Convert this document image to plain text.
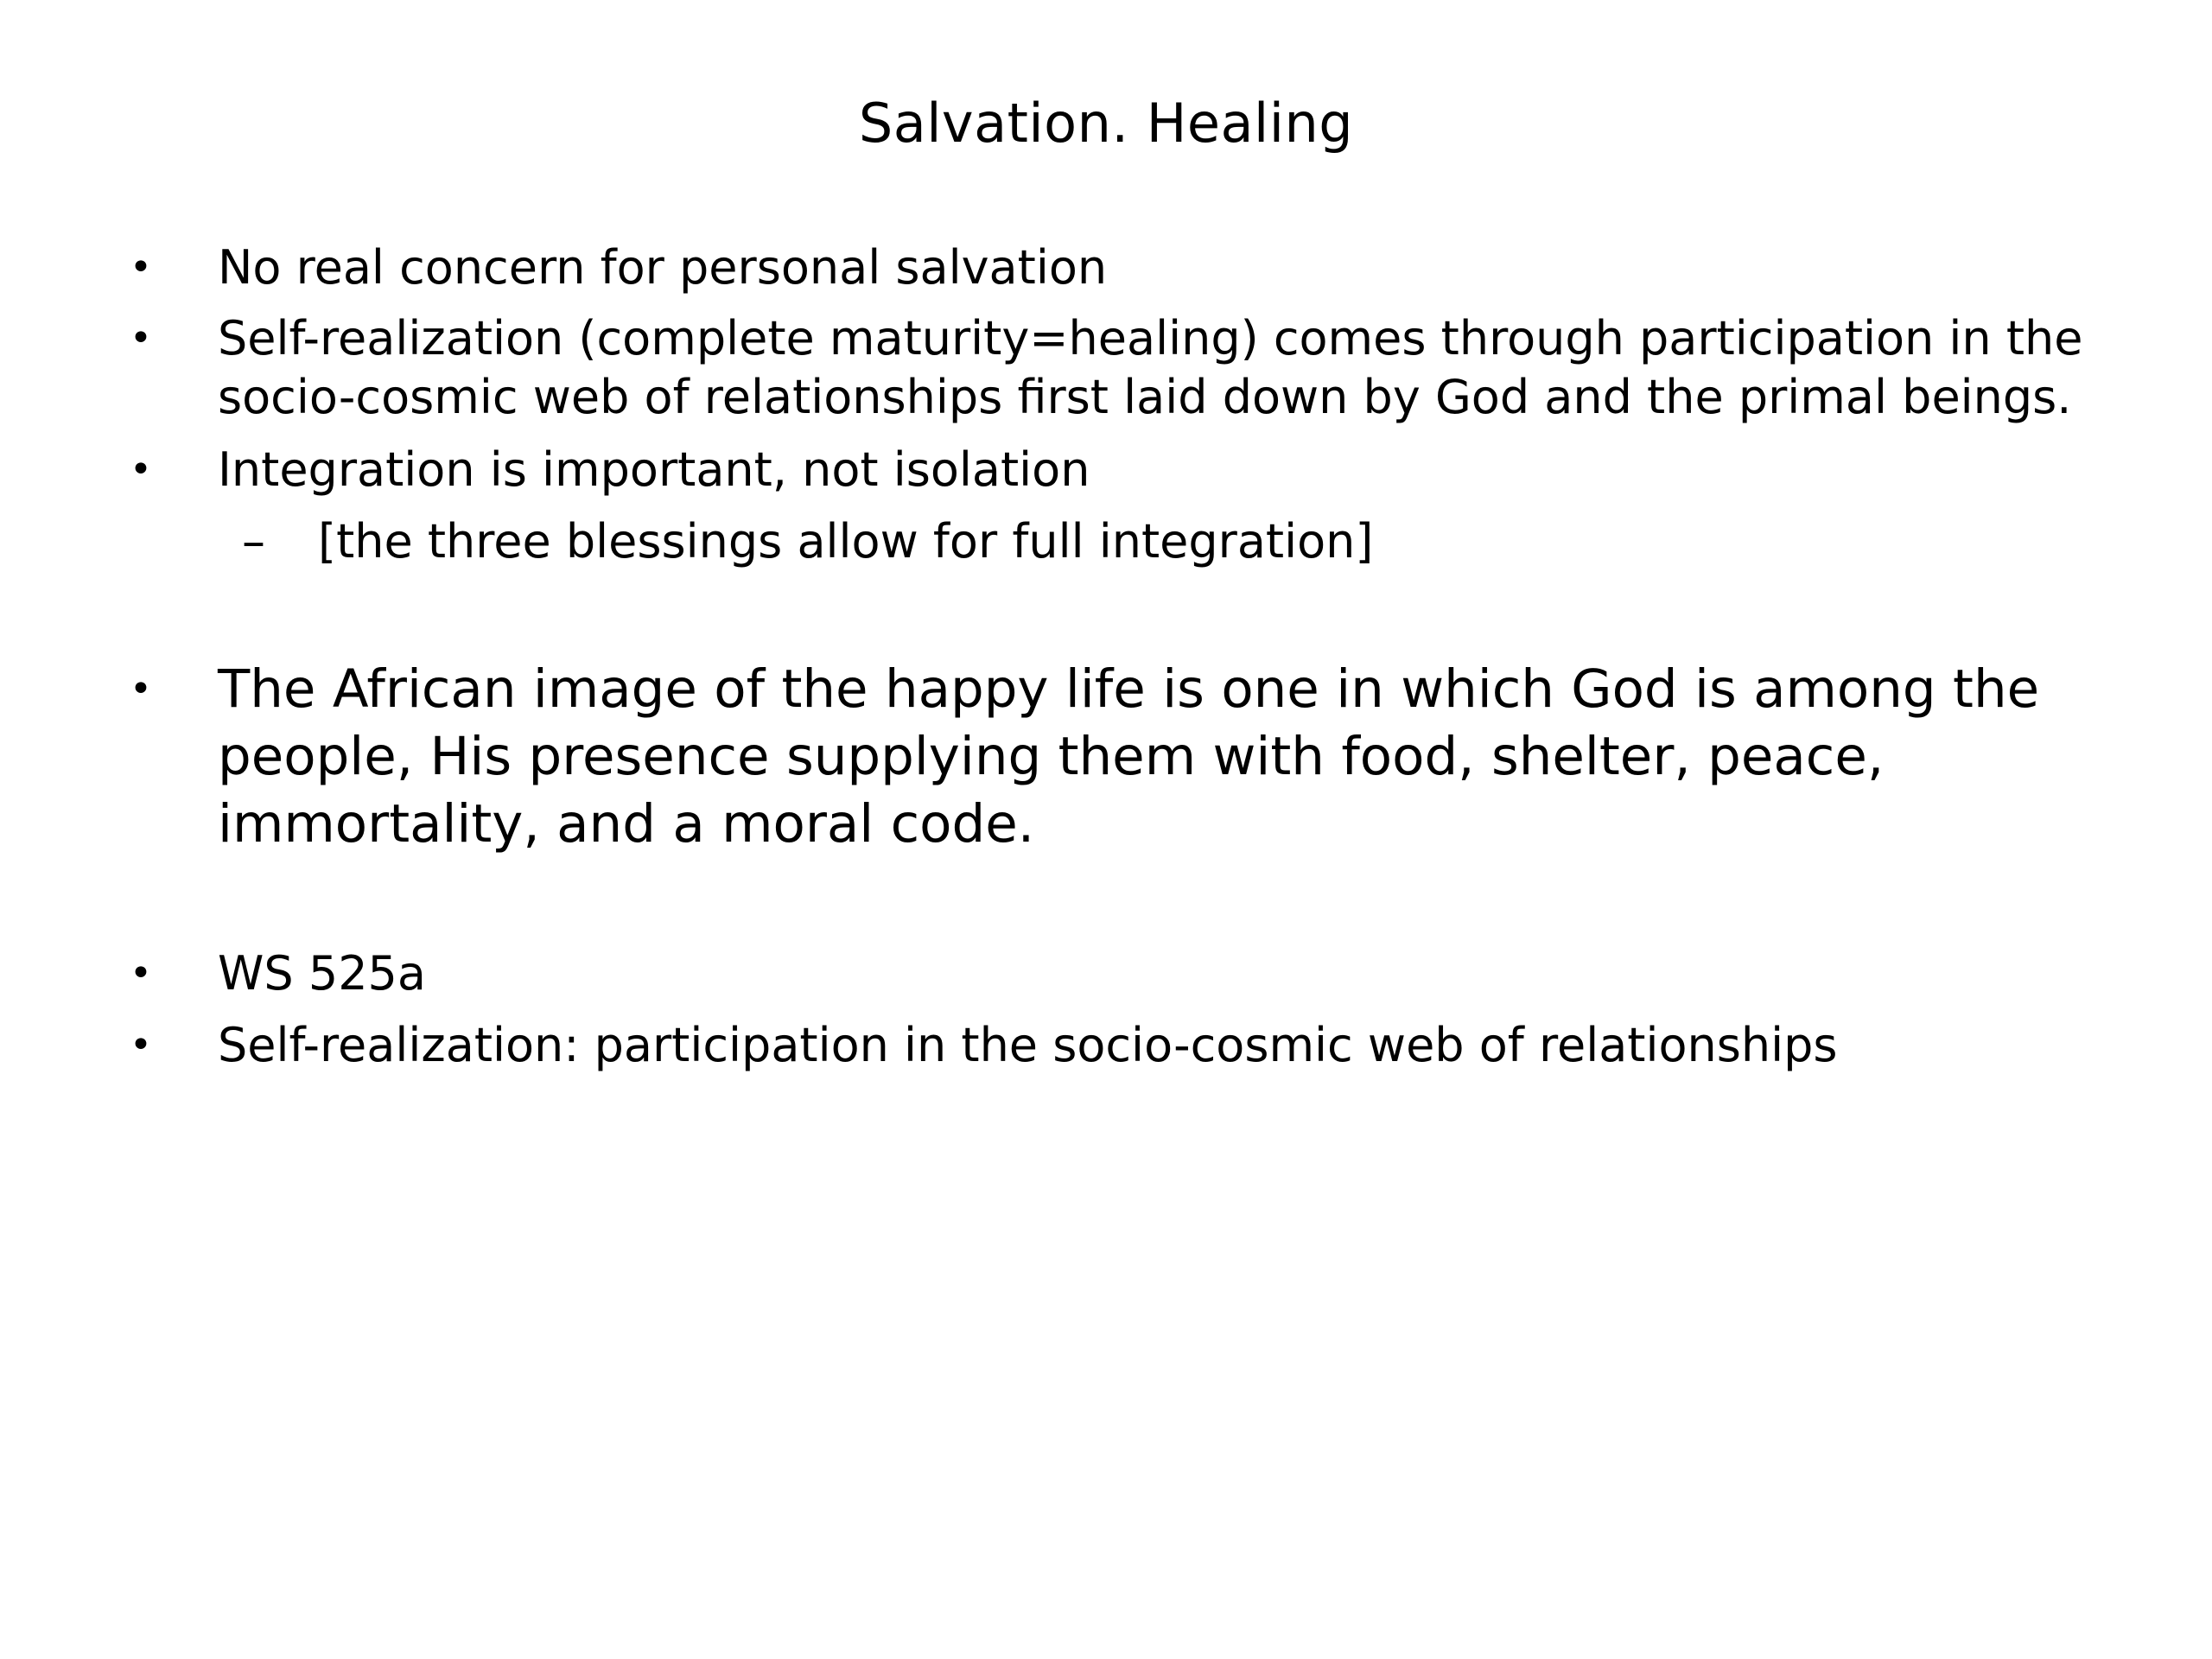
Salvation. Healing
• No real concern for personal salvation
• Self-realization (complete maturity=healing) comes through participation in the
socio-cosmic web of relationships first laid down by God and the primal beings.
• Integration is important, not isolation
– [the three blessings allow for full integration]
• The African image of the happy life is one in which God is among the
people, His presence supplying them with food, shelter, peace,
immortality, and a moral code.
• WS 525a
• Self-realization: participation in the socio-cosmic web of relationships
